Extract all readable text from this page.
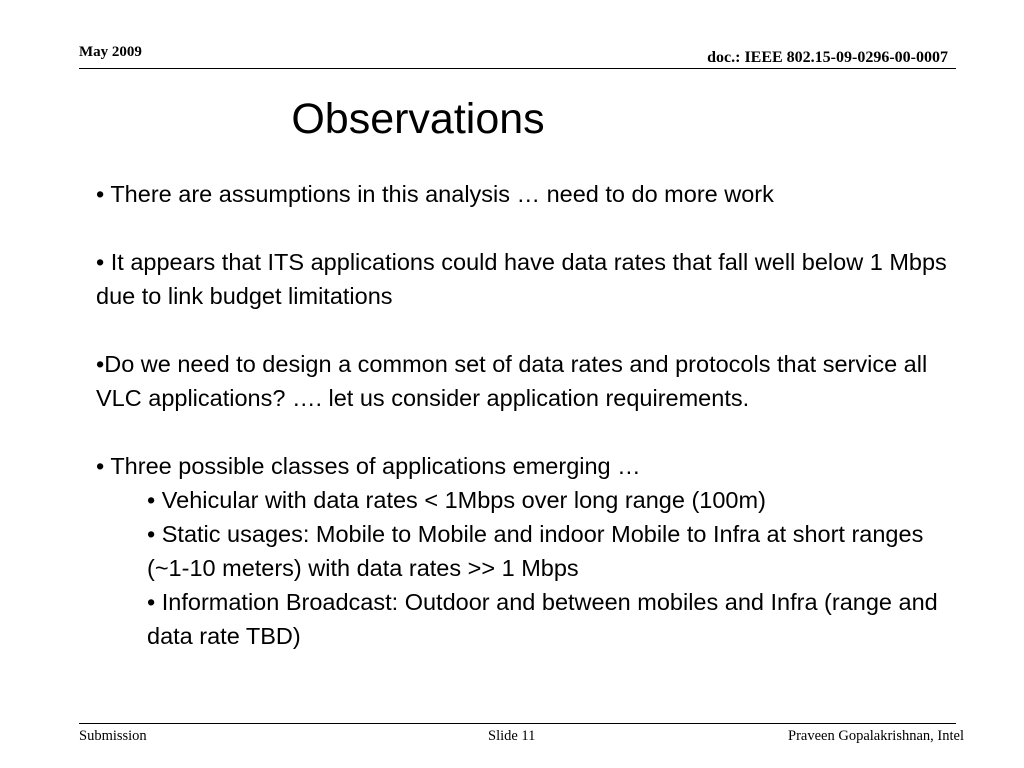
May 2009	doc.: IEEE 802.15-09-0296-00-0007
Observations

• There are assumptions in this analysis … need to do more work

• It appears that ITS applications could have data rates that fall well below 1 Mbps due to link budget limitations

•Do we need to design a common set of data rates and protocols that service all VLC applications? …. let us consider application requirements.

• Three possible classes of applications emerging …

• Vehicular with data rates < 1Mbps over long range (100m)

• Static usages: Mobile to Mobile and indoor Mobile to Infra at short ranges (~1-10 meters) with data rates >> 1 Mbps

• Information Broadcast: Outdoor and between mobiles and Infra (range and data rate TBD)

Submission	Slide 11	Praveen Gopalakrishnan, Intel
